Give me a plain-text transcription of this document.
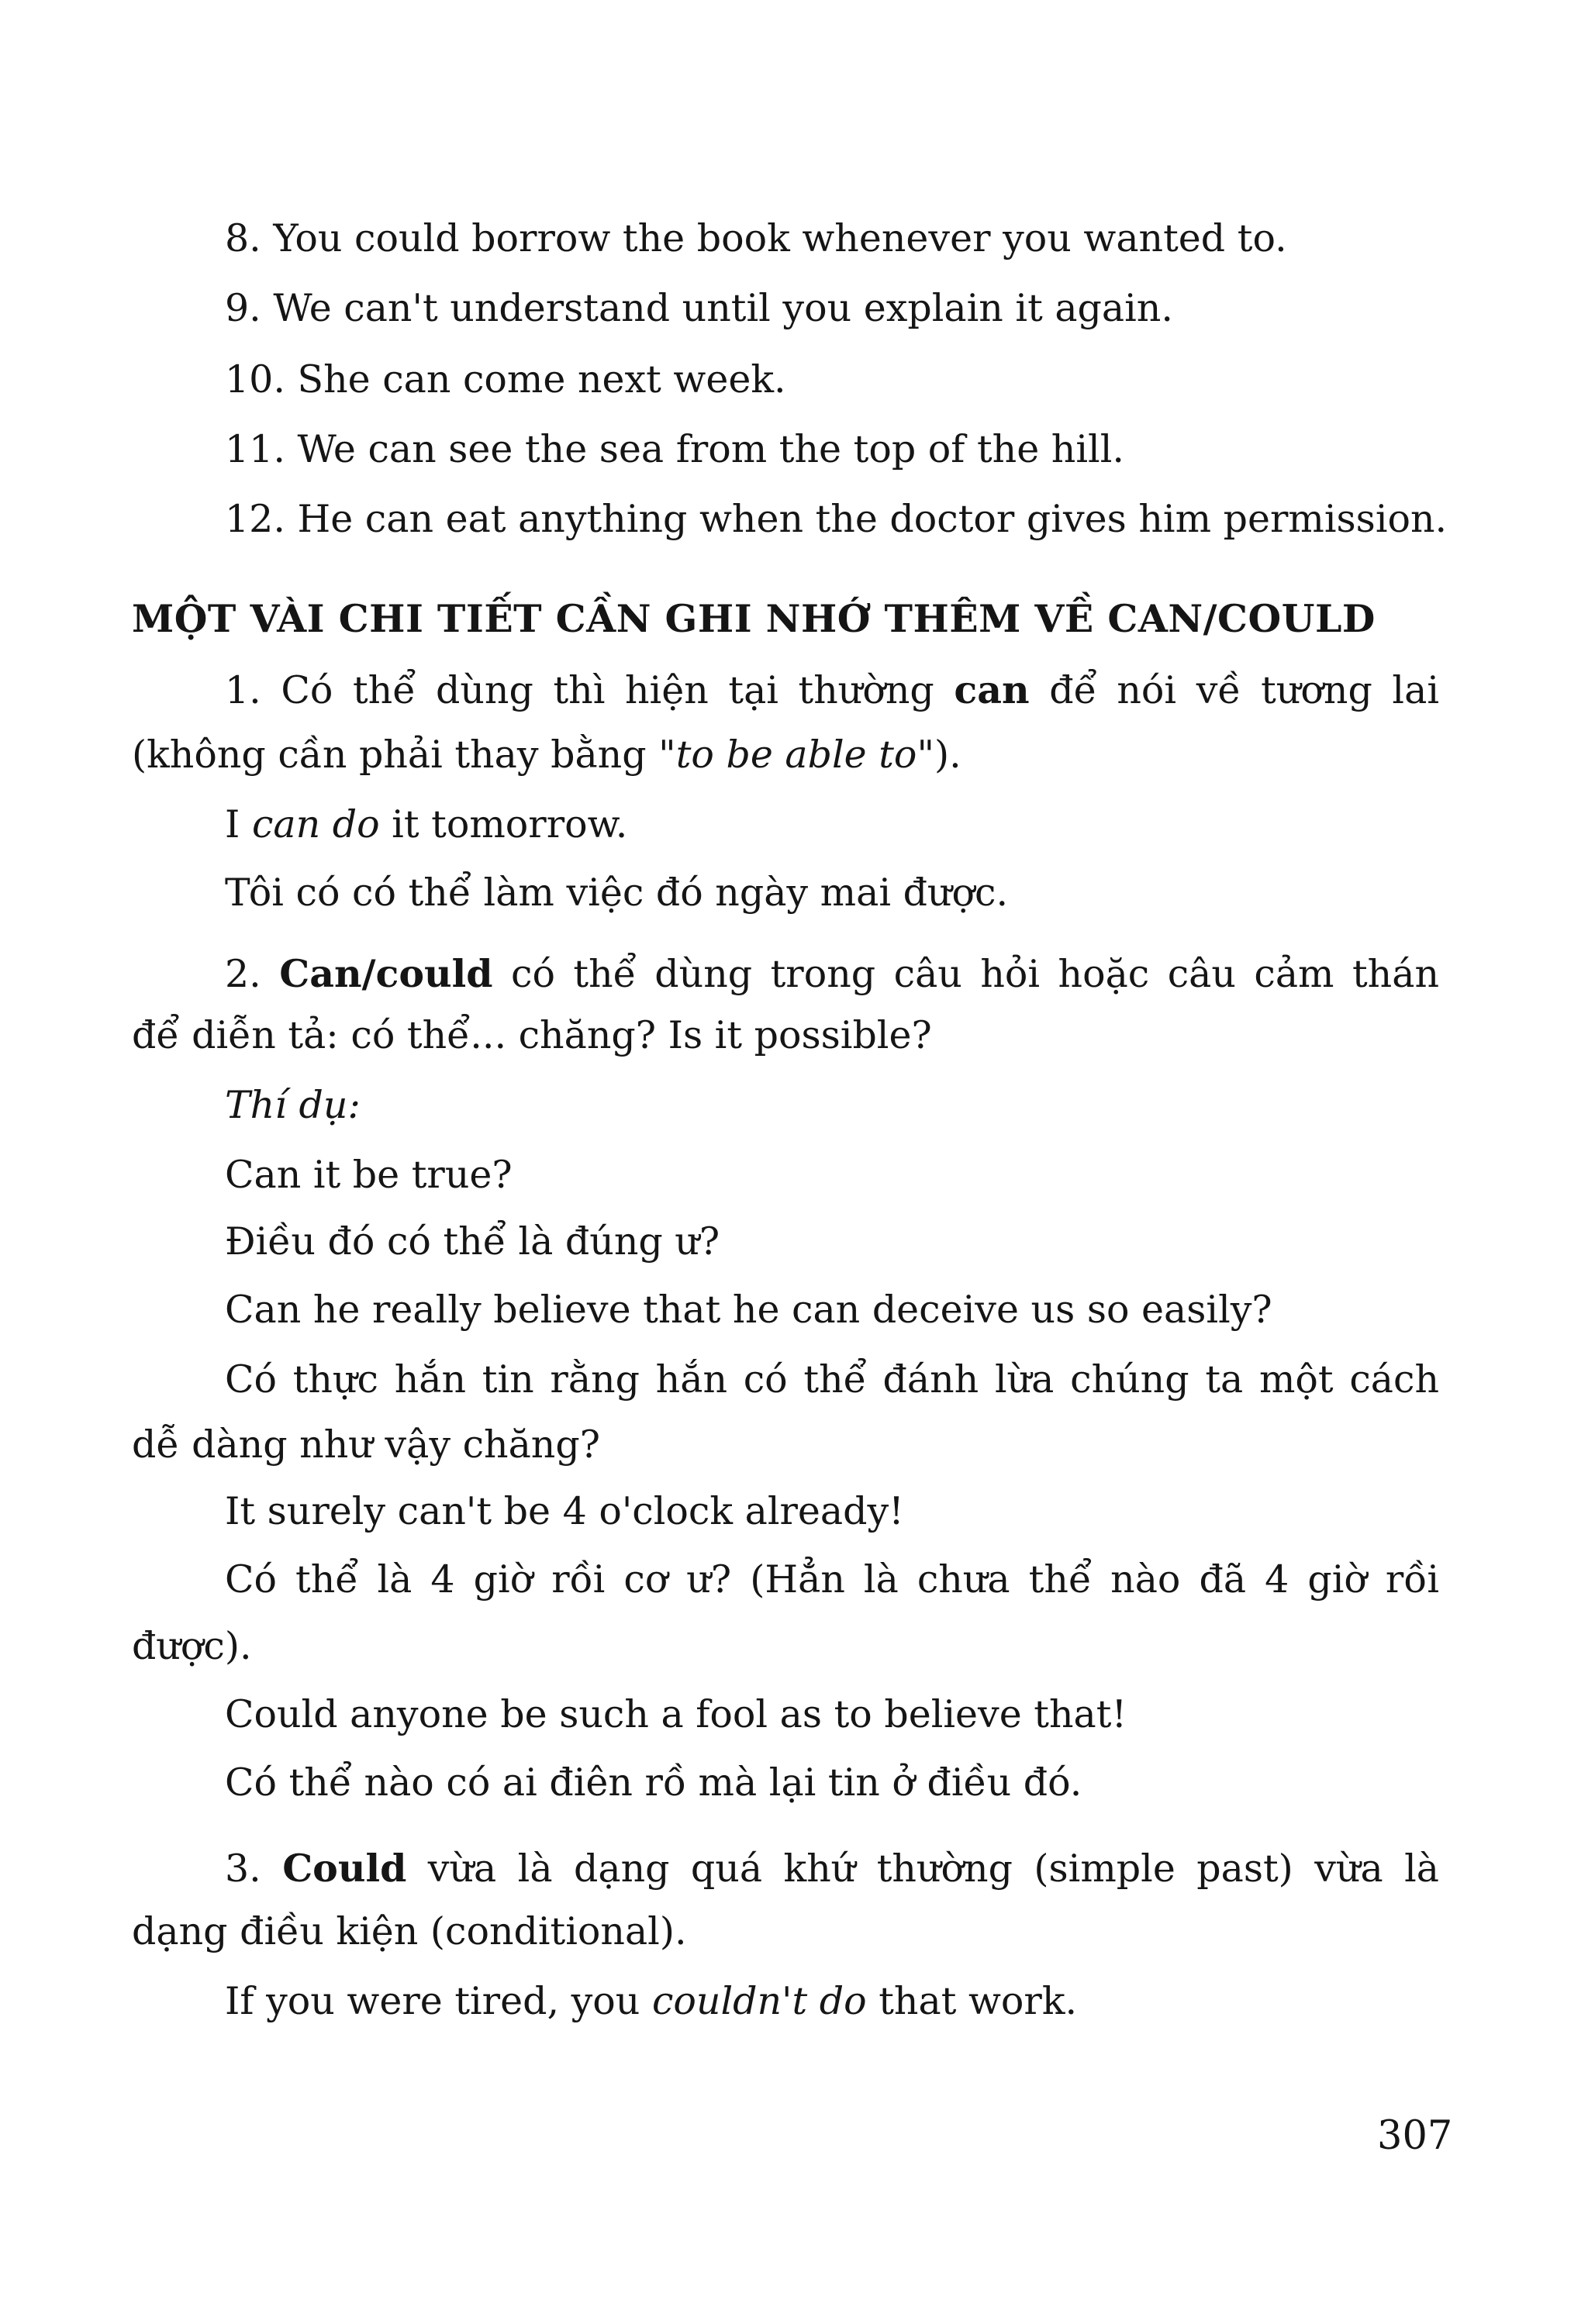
8. You could borrow the book whenever you wanted to.
9. We can't understand until you explain it again.
10. She can come next week.
11. We can see the sea from the top of the hill.
12. He can eat anything when the doctor gives him permission.
MỘT VÀI CHI TIẾT CẦN GHI NHỚ THÊM VỀ CAN/COULD
1. Có thể dùng thì hiện tại thường can để nói về tương lai
(không cần phải thay bằng "to be able to").
I can do it tomorrow.
Tôi có có thể làm việc đó ngày mai được.
2. Can/could có thể dùng trong câu hỏi hoặc câu cảm thán
để diễn tả: có thể... chăng? Is it possible?
Thí dụ:
Can it be true?
Điều đó có thể là đúng ư?
Can he really believe that he can deceive us so easily?
Có thực hắn tin rằng hắn có thể đánh lừa chúng ta một cách
dễ dàng như vậy chăng?
It surely can't be 4 o'clock already!
Có thể là 4 giờ rồi cơ ư? (Hẳn là chưa thể nào đã 4 giờ rồi
được).
Could anyone be such a fool as to believe that!
Có thể nào có ai điên rồ mà lại tin ở điều đó.
3. Could vừa là dạng quá khứ thường (simple past) vừa là
dạng điều kiện (conditional).
If you were tired, you couldn't do that work.
307
